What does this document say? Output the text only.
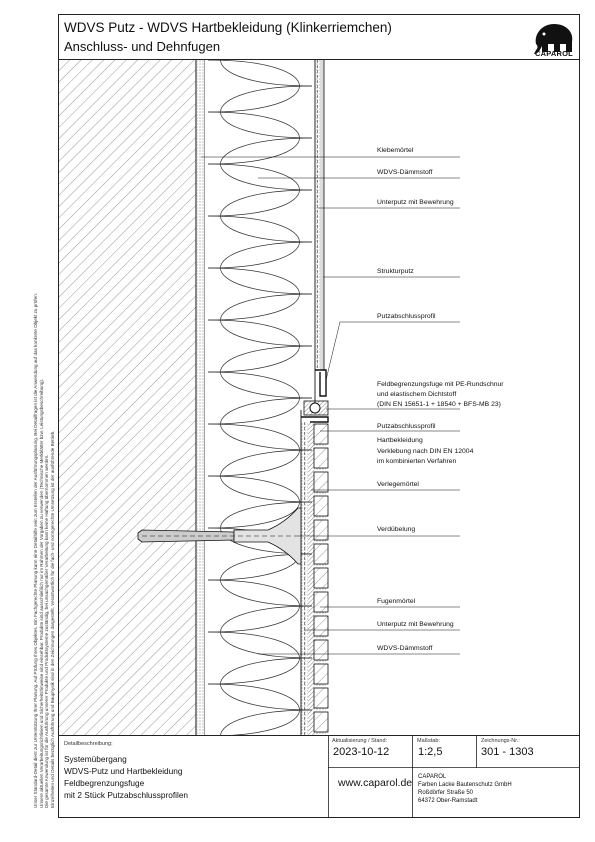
WDVS Putz - WDVS Hartbekleidung (Klinkerriemchen)
Anschluss- und Dehnfugen	CAPAROL
Unser Standard-Detail dient zur Unterstützung Ihrer Planung. Auf Prüfung Ihres Objektes. Ein Fachgerechte Planung kann eine Detailhilfe sein zum Erstellen der Ausführungsplanung. Bei Detailfragen ist die Anwendung auf das konkrete Objekt zu prüfen. Unsere aktuellen Verarbeitungsrichtlinien und Sicherheitshinweise sind einsehbar. Produkte sind ausschließlich nur im Rahmen der Vorgaben zu verwenden (Technische Merkblätter bzw. Leistungsbeschreibung). Die gesamte Anwendung ist für die Ausführung unserer Produkte und Produktsysteme zuständig, bei unsachgemäßer Verarbeitung kann keine Haftung übernommen werden. Einzelheiten und Details bezüglich Ausführung und Bauphysik sind in den Zeichnungen dargestellt. Verantwortlich für die fach- und normgerechte Umsetzung ist der ausführende Betrieb.
Klebemörtel
WDVS-Dämmstoff
Unterputz mit Bewehrung
Strukturputz
Putzabschlussprofil
Feldbegrenzungsfuge mit PE-Rundschnur
und elastischem Dichtstoff
(DIN EN 15651-1 + 18540 + BFS-MB 23)
Putzabschlussprofil
Hartbekleidung
Verklebung nach DIN EN 12004
im kombinierten Verfahren
Verlegemörtel
Verdübelung
Fugenmörtel
Unterputz mit Bewehrung
WDVS-Dämmstoff
Detailbeschreibung:
Systemübergang
WDVS-Putz und Hartbekleidung
Feldbegrenzungsfuge
mit 2 Stück Putzabschlussprofilen
Aktualisierung / Stand:
2023-10-12
Maßstab:
1:2,5
Zeichnungs-Nr.:
301 - 1303
www.caparol.de CAPAROL
Farben Lacke Bautenschutz GmbH
Roßdörfer Straße 50
64372 Ober-Ramstadt
